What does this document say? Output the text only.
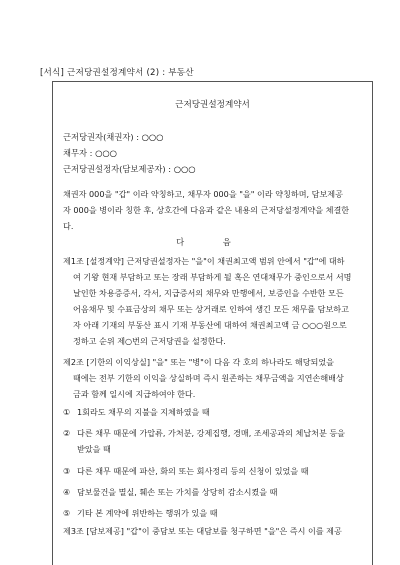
[서식] 근저당권설정계약서 (2) : 부동산
근저당권설정계약서
근저당권자(채권자) : ○○○
채무자 : ○○○
근저당권설정자(담보제공자) : ○○○
채권자 000을 "갑" 이라 약칭하고, 채무자 000을 "을" 이라 약칭하며, 담보제공
자 000을 병이라 칭한 후, 상호간에 다음과 같은 내용의 근저당설정계약을 체결한
다.
다 음
제1조 [설정계약] 근저당권설정자는 "을"이 채권최고액 범위 안에서 "갑"에 대하
여 기왕 현재 부담하고 또는 장래 부담하게 될 혹은 연대채무가 중인으로서 서명
날인한 차용증증서, 각서, 지급증서의 채무와 만행에서, 보증인을 수반한 모든
어음채무 및 수표금상의 채무 또는 상거래로 인하여 생긴 모든 채무를 담보하고
자 아래 기재의 부동산 표시 기재 부동산에 대하여 채권최고액 금 ○○○원으로
정하고 순위 제○번의 근저당권을 설정한다.
제2조 [기한의 이익상실] "을" 또는 "병"이 다음 각 호의 하나라도 해당되었을
때에는 전부 기한의 이익을 상실하며 즉시 원존하는 채무금액을 지연손해배상
금과 함께 일시에 지급하여야 한다.
① 1회라도 채무의 지불을 지체하였을 때
② 다른 채무 때문에 가압류, 가처분, 강제집행, 경매, 조세공과의 체납처분 등을
받았을 때
③ 다른 채무 때문에 파산, 화의 또는 회사정리 등의 신청이 있었을 때
④ 담보물건을 멸실, 훼손 또는 가치를 상당히 감소시켰을 때
⑤ 기타 본 계약에 위반하는 행위가 있을 때
제3조 [담보제공] "갑"이 중담보 또는 대담보를 청구하면 "을"은 즉시 이를 제공
